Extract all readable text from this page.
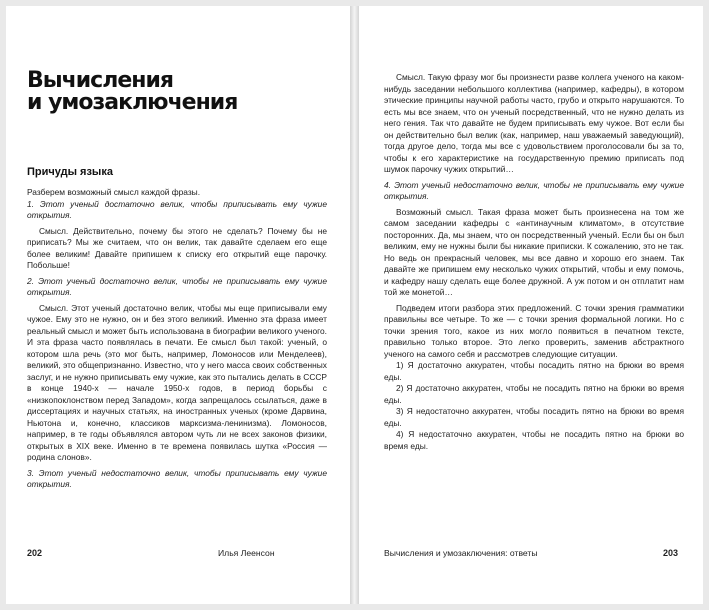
Вычисления
и умозаключения
Причуды языка

Разберем возможный смысл каждой фразы.

1. Этот ученый достаточно велик, чтобы приписывать ему чужие открытия.

Смысл. Действительно, почему бы этого не сделать? Почему бы не приписать? Мы же считаем, что он велик, так давайте сделаем его еще более великим! Давайте припишем к списку его открытий еще парочку. Побольше!

2. Этот ученый достаточно велик, чтобы не приписывать ему чужие открытия.

Смысл. Этот ученый достаточно велик, чтобы мы еще приписывали ему чужое. Ему это не нужно, он и без этого великий. Именно эта фраза имеет реальный смысл и может быть использована в биографии великого ученого. И эта фраза часто появлялась в печати. Ее смысл был такой: ученый, о котором шла речь (это мог быть, например, Ломоносов или Менделеев), великий, это общепризнанно. Известно, что у него масса своих собственных заслуг, и не нужно приписывать ему чужие, как это пытались делать в СССР в конце 1940-х — начале 1950-х годов, в период борьбы с «низкопоклонством перед Западом», когда запрещалось ссылаться, даже в диссертациях и научных статьях, на иностранных ученых (кроме Дарвина, Ньютона и, конечно, классиков марксизма-ленинизма). Ломоносов, например, в те годы объявлялся автором чуть ли не всех законов физики, открытых в XIX веке. Именно в те времена появилась шутка «Россия — родина слонов».

3. Этот ученый недостаточно велик, чтобы приписывать ему чужие открытия.

202	Илья Леенсон

Смысл. Такую фразу мог бы произнести разве коллега ученого на каком-нибудь заседании небольшого коллектива (например, кафедры), в котором этические принципы научной работы часто, грубо и открыто нарушаются. То есть мы все знаем, что он ученый посредственный, что не нужно делать из него гения. Так что давайте не будем приписывать ему чужое. Вот если бы он действительно был велик (как, например, наш уважаемый заведующий), тогда другое дело, тогда мы все с удовольствием проголосовали бы за то, чтобы к его характеристике на государственную премию приписать под шумок парочку чужих открытий…

4. Этот ученый недостаточно велик, чтобы не приписывать ему чужие открытия.

Возможный смысл. Такая фраза может быть произнесена на том же самом заседании кафедры с «антинаучным климатом», в отсутствие посторонних. Да, мы знаем, что он посредственный ученый. Если бы он был великим, ему не нужны были бы никакие приписки. К сожалению, это не так. Но ведь он прекрасный человек, мы все давно и хорошо его знаем. Так давайте же припишем ему несколько чужих открытий, чтобы и ему помочь, и кафедру нашу сделать еще более дружной. А уж потом и он отплатит нам той же монетой…

Подведем итоги разбора этих предложений. С точки зрения грамматики правильны все четыре. То же — с точки зрения формальной логики. Но с точки зрения того, какое из них могло появиться в печатном тексте, правильно только второе. Это легко проверить, заменив абстрактного ученого на самого себя и рассмотрев следующие ситуации.

1) Я достаточно аккуратен, чтобы посадить пятно на брюки во время еды.

2) Я достаточно аккуратен, чтобы не посадить пятно на брюки во время еды.

3) Я недостаточно аккуратен, чтобы посадить пятно на брюки во время еды.

4) Я недостаточно аккуратен, чтобы не посадить пятно на брюки во время еды.

Вычисления и умозаключения: ответы	203
